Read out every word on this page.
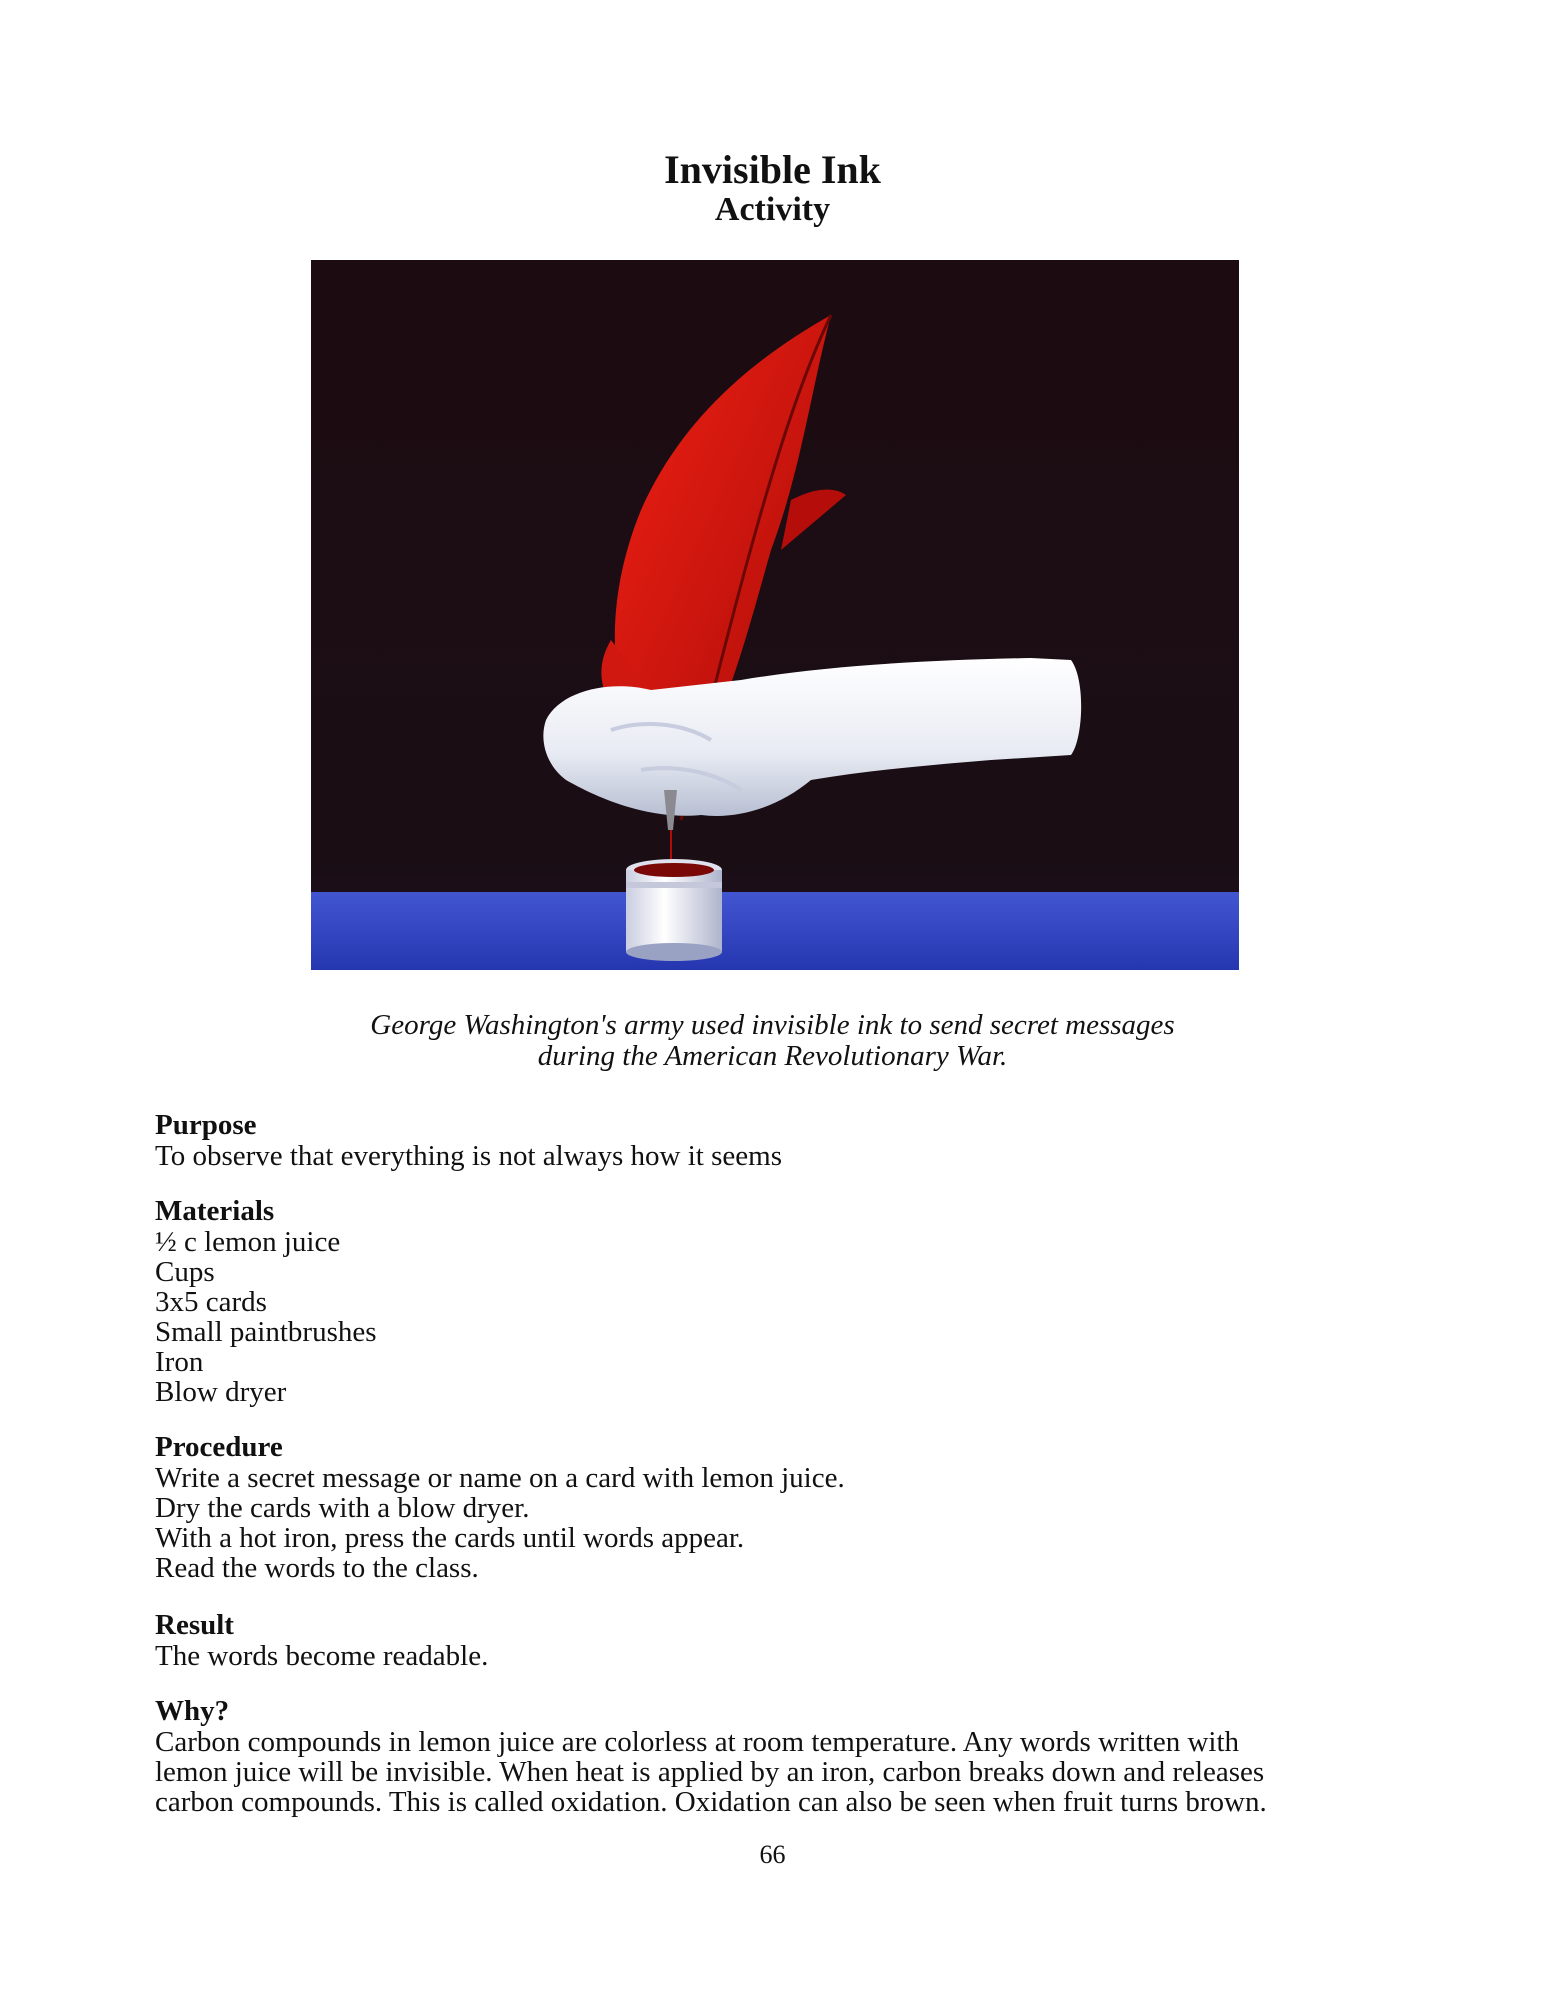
Invisible Ink
Activity
George Washington's army used invisible ink to send secret messages
during the American Revolutionary War.
Purpose

To observe that everything is not always how it seems

Materials
½ c lemon juice
Cups
3x5 cards
Small paintbrushes
Iron
Blow dryer
Procedure
Write a secret message or name on a card with lemon juice.
Dry the cards with a blow dryer.
With a hot iron, press the cards until words appear.
Read the words to the class.
Result

The words become readable.

Why?

Carbon compounds in lemon juice are colorless at room temperature. Any words written with

lemon juice will be invisible. When heat is applied by an iron, carbon breaks down and releases

carbon compounds. This is called oxidation. Oxidation can also be seen when fruit turns brown.

66
